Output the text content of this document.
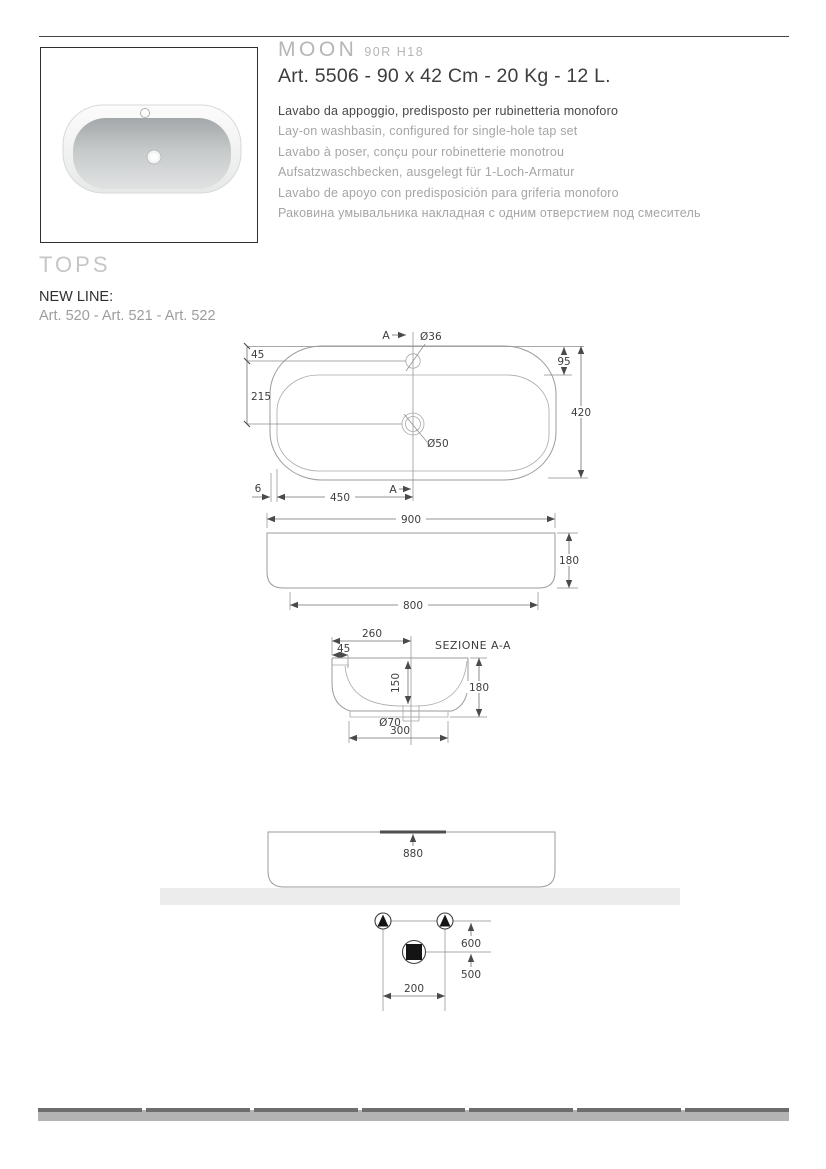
MOON 90R H18
Art. 5506 - 90 x 42 Cm - 20 Kg - 12 L.
Lavabo da appoggio, predisposto per rubinetteria monoforo
Lay-on washbasin, configured for single-hole tap set
Lavabo à poser, conçu pour robinetterie monotrou
Aufsatzwaschbecken, ausgelegt für 1-Loch-Armatur
Lavabo de apoyo con predisposición para griferia monoforo
Раковина умывальника накладная с одним отверстием под смеситель
TOPS
NEW LINE:
Art. 520 - Art. 521 - Art. 522
Ø36
A
Ø50
45
215
95
420
6
450
A
900
180
800
260
45	SEZIONE A-A
150	180
Ø70
300
880
600
500
200
